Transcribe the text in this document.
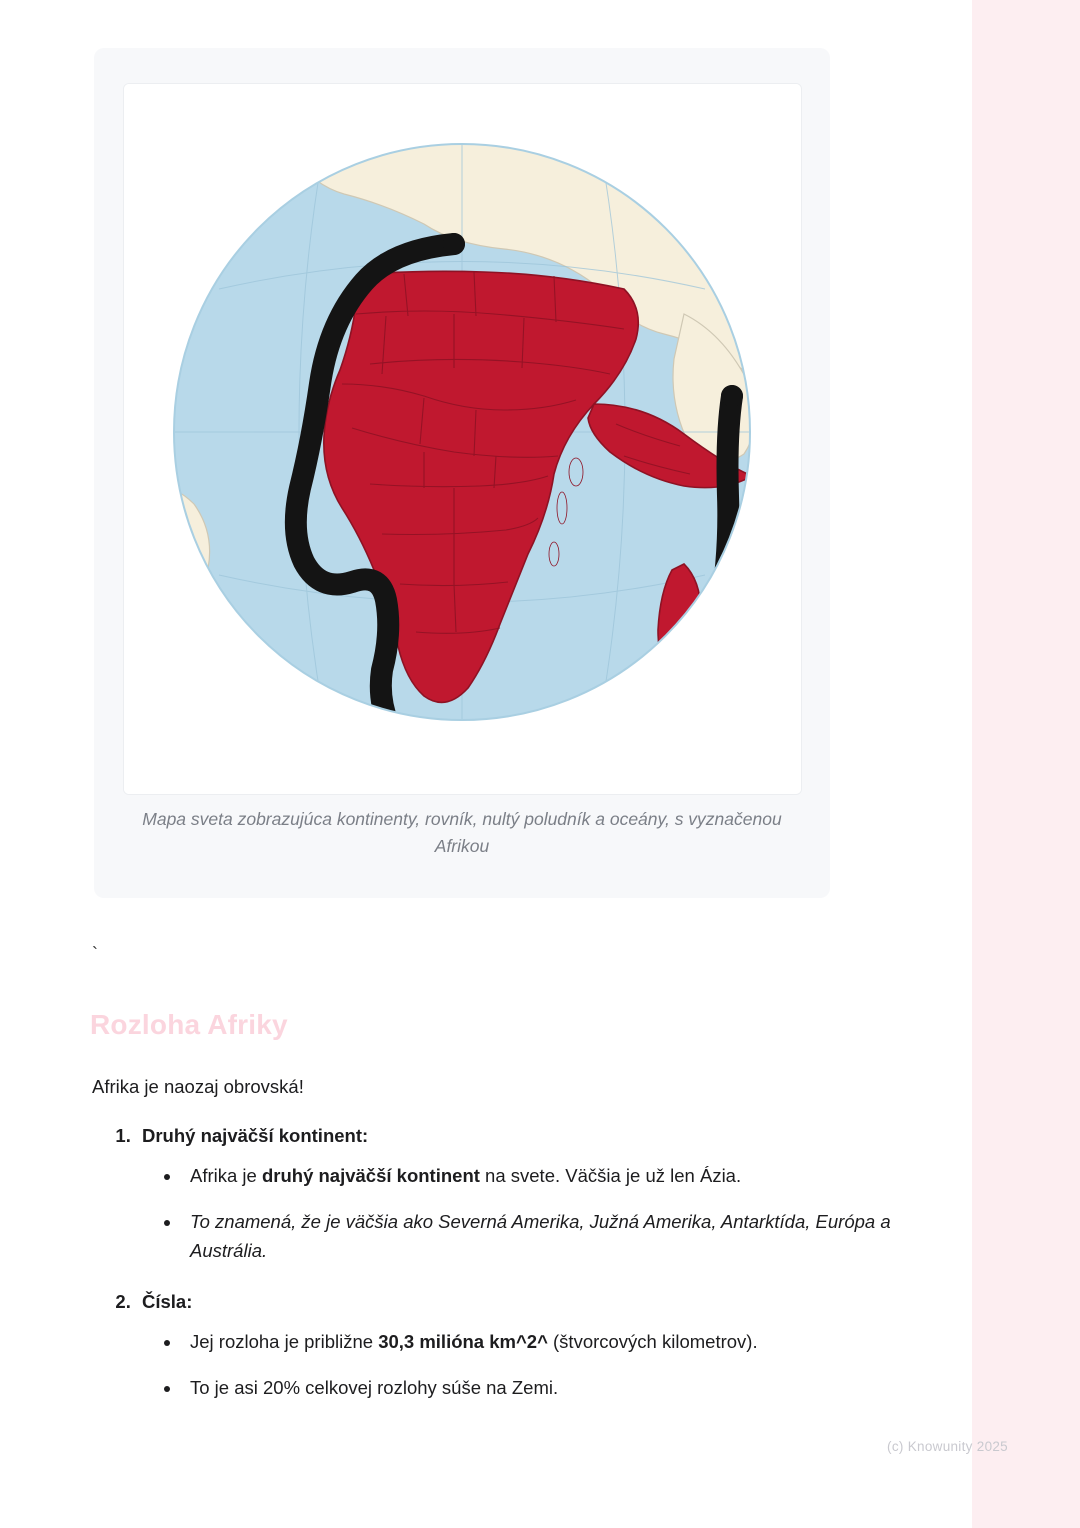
Mapa sveta zobrazujúca kontinenty, rovník, nultý poludník a oceány, s vyznačenou Afrikou
`
Rozloha Afriky
Afrika je naozaj obrovská!
1. Druhý najväčší kontinent:
• Afrika je druhý najväčší kontinent na svete. Väčšia je už len Ázia.
• To znamená, že je väčšia ako Severná Amerika, Južná Amerika, Antarktída, Európa a Austrália.
2. Čísla:
• Jej rozloha je približne 30,3 milióna km^2^ (štvorcových kilometrov).
• To je asi 20% celkovej rozlohy súše na Zemi.
(c) Knowunity 2025
